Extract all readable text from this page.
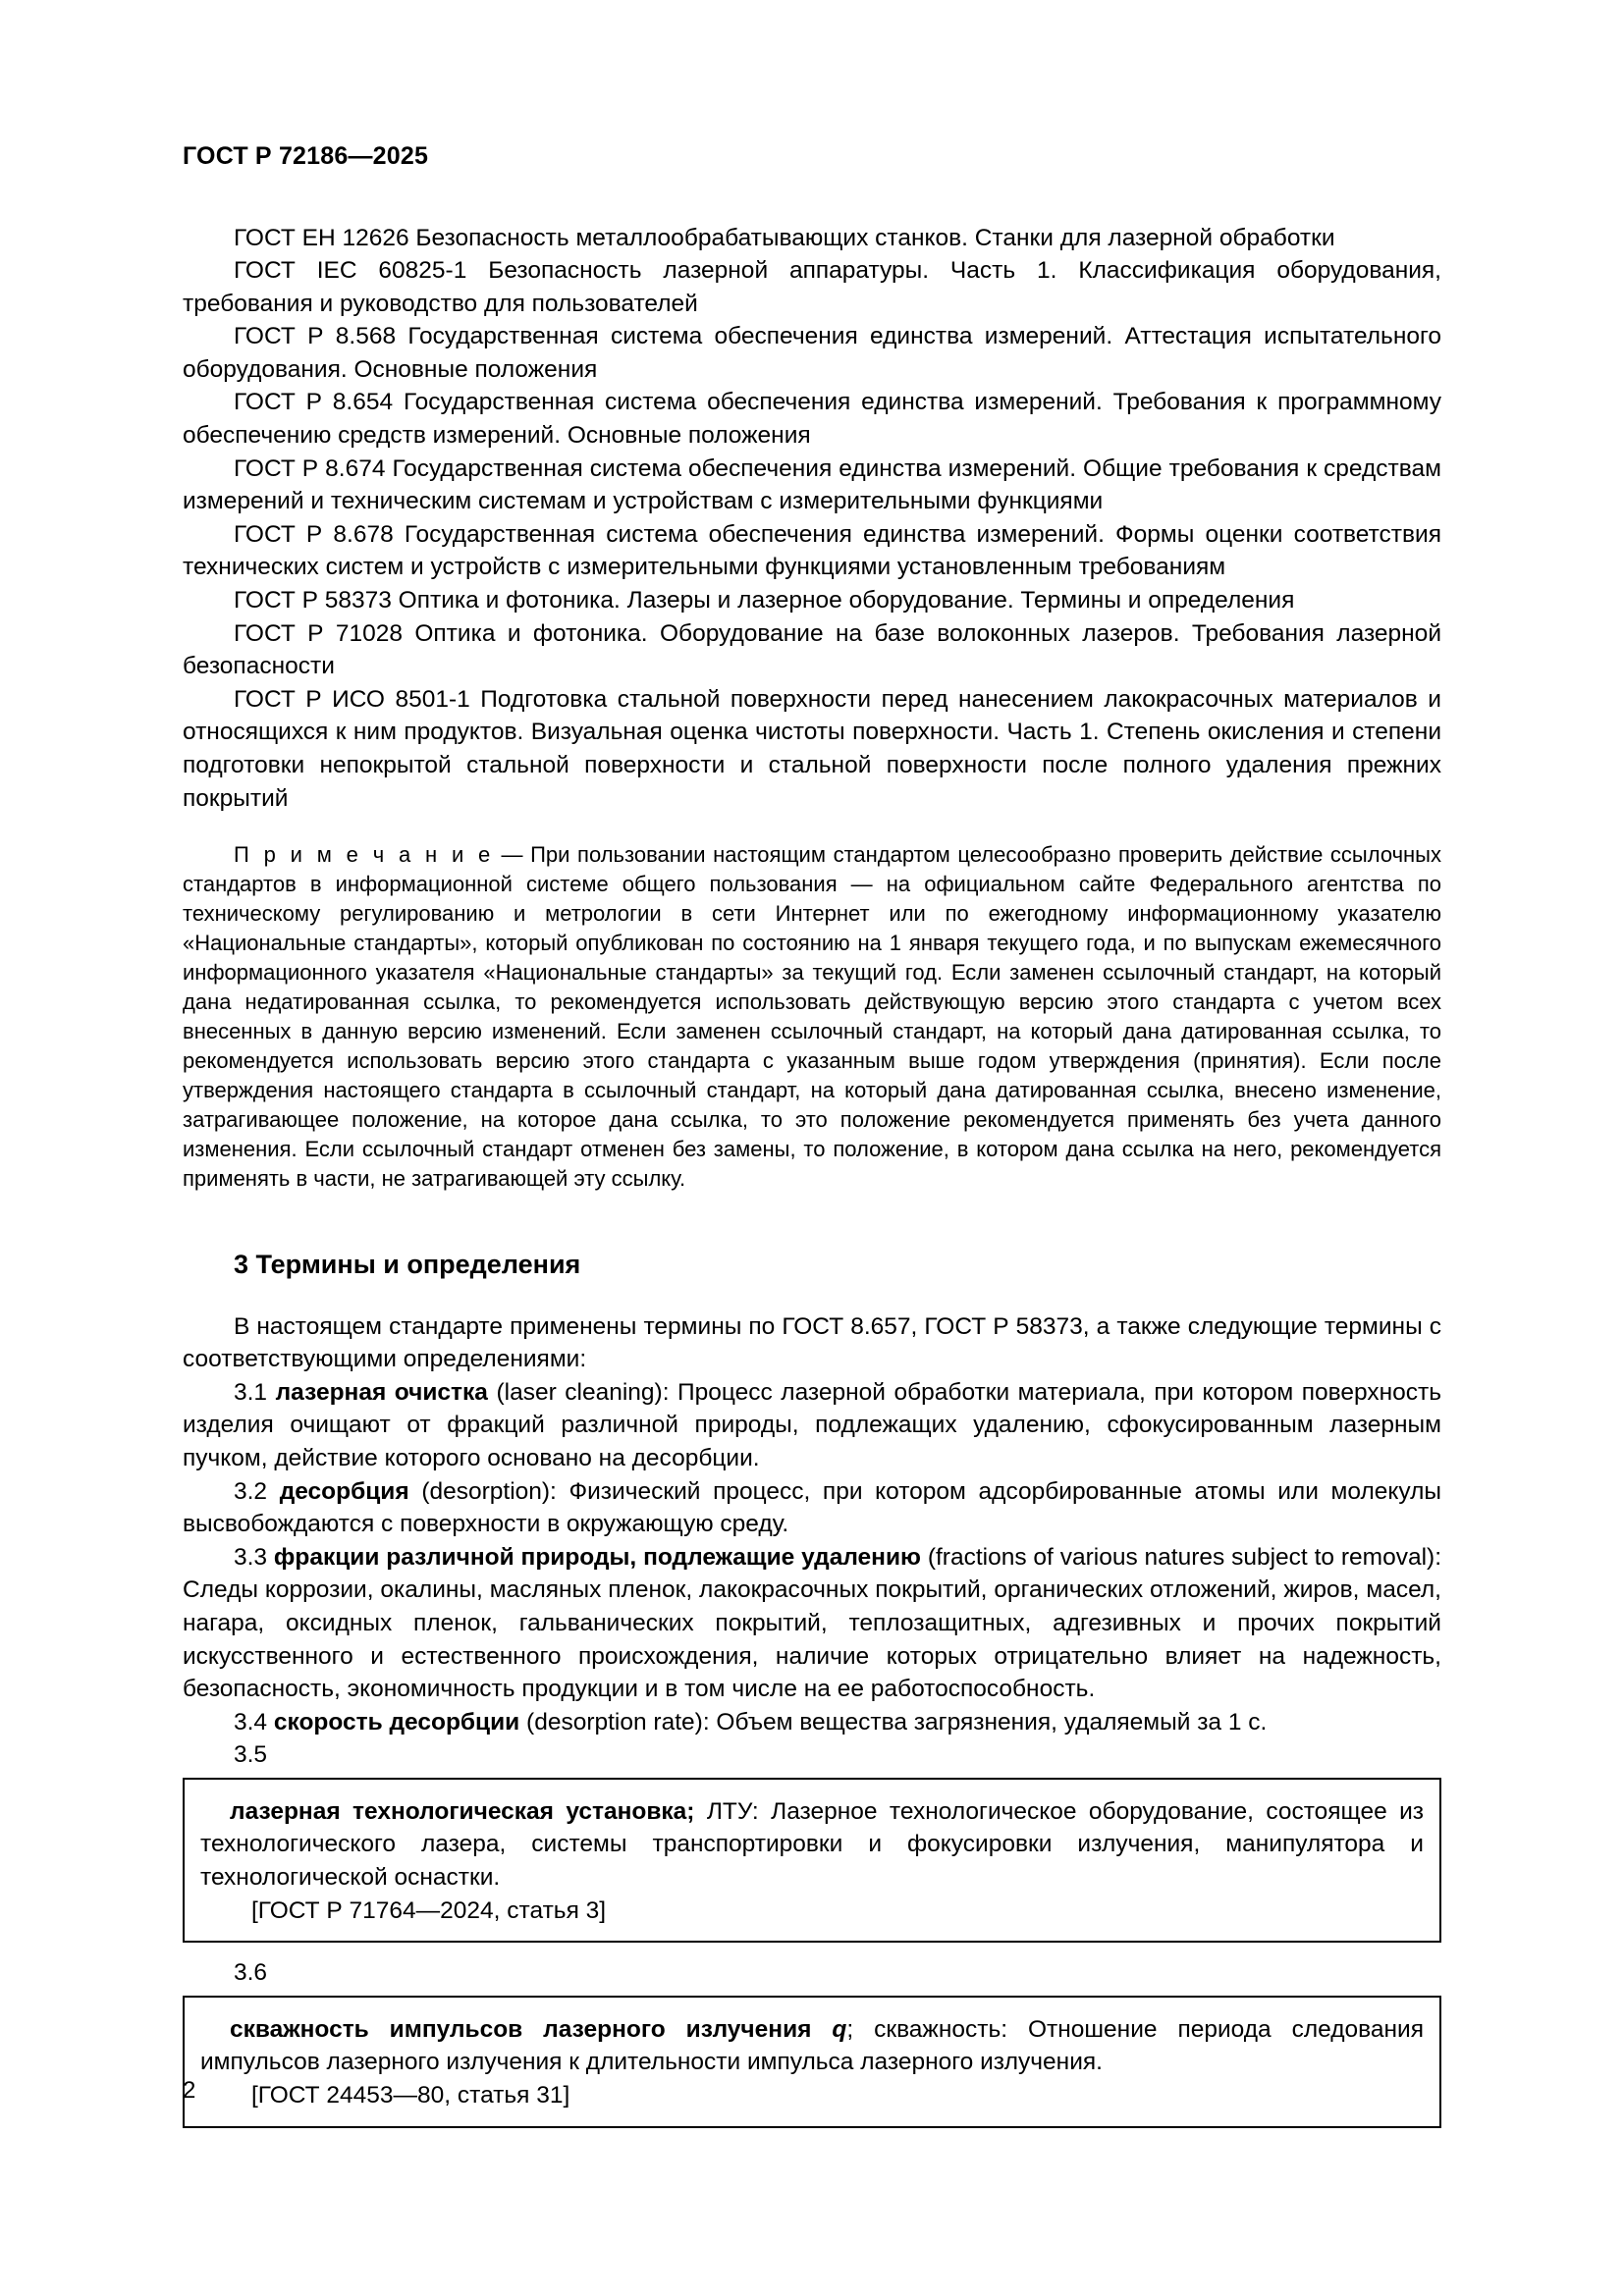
ГОСТ Р 72186—2025

ГОСТ ЕН 12626 Безопасность металлообрабатывающих станков. Станки для лазерной обработки

ГОСТ IEC 60825-1 Безопасность лазерной аппаратуры. Часть 1. Классификация оборудования, требования и руководство для пользователей

ГОСТ Р 8.568 Государственная система обеспечения единства измерений. Аттестация испытательного оборудования. Основные положения

ГОСТ Р 8.654 Государственная система обеспечения единства измерений. Требования к программному обеспечению средств измерений. Основные положения

ГОСТ Р 8.674 Государственная система обеспечения единства измерений. Общие требования к средствам измерений и техническим системам и устройствам с измерительными функциями

ГОСТ Р 8.678 Государственная система обеспечения единства измерений. Формы оценки соответствия технических систем и устройств с измерительными функциями установленным требованиям

ГОСТ Р 58373 Оптика и фотоника. Лазеры и лазерное оборудование. Термины и определения

ГОСТ Р 71028 Оптика и фотоника. Оборудование на базе волоконных лазеров. Требования лазерной безопасности

ГОСТ Р ИСО 8501-1 Подготовка стальной поверхности перед нанесением лакокрасочных материалов и относящихся к ним продуктов. Визуальная оценка чистоты поверхности. Часть 1. Степень окисления и степени подготовки непокрытой стальной поверхности и стальной поверхности после полного удаления прежних покрытий

П р и м е ч а н и е — При пользовании настоящим стандартом целесообразно проверить действие ссылочных стандартов в информационной системе общего пользования — на официальном сайте Федерального агентства по техническому регулированию и метрологии в сети Интернет или по ежегодному информационному указателю «Национальные стандарты», который опубликован по состоянию на 1 января текущего года, и по выпускам ежемесячного информационного указателя «Национальные стандарты» за текущий год. Если заменен ссылочный стандарт, на который дана недатированная ссылка, то рекомендуется использовать действующую версию этого стандарта с учетом всех внесенных в данную версию изменений. Если заменен ссылочный стандарт, на который дана датированная ссылка, то рекомендуется использовать версию этого стандарта с указанным выше годом утверждения (принятия). Если после утверждения настоящего стандарта в ссылочный стандарт, на который дана датированная ссылка, внесено изменение, затрагивающее положение, на которое дана ссылка, то это положение рекомендуется применять без учета данного изменения. Если ссылочный стандарт отменен без замены, то положение, в котором дана ссылка на него, рекомендуется применять в части, не затрагивающей эту ссылку.

3 Термины и определения

В настоящем стандарте применены термины по ГОСТ 8.657, ГОСТ Р 58373, а также следующие термины с соответствующими определениями:

3.1 лазерная очистка (laser cleaning): Процесс лазерной обработки материала, при котором поверхность изделия очищают от фракций различной природы, подлежащих удалению, сфокусированным лазерным пучком, действие которого основано на десорбции.

3.2 десорбция (desorption): Физический процесс, при котором адсорбированные атомы или молекулы высвобождаются с поверхности в окружающую среду.

3.3 фракции различной природы, подлежащие удалению (fractions of various natures subject to removal): Следы коррозии, окалины, масляных пленок, лакокрасочных покрытий, органических отложений, жиров, масел, нагара, оксидных пленок, гальванических покрытий, теплозащитных, адгезивных и прочих покрытий искусственного и естественного происхождения, наличие которых отрицательно влияет на надежность, безопасность, экономичность продукции и в том числе на ее работоспособность.

3.4 скорость десорбции (desorption rate): Объем вещества загрязнения, удаляемый за 1 с.

3.5

лазерная технологическая установка; ЛТУ: Лазерное технологическое оборудование, состоящее из технологического лазера, системы транспортировки и фокусировки излучения, манипулятора и технологической оснастки.

[ГОСТ Р 71764—2024, статья 3]

3.6

скважность импульсов лазерного излучения q; скважность: Отношение периода следования импульсов лазерного излучения к длительности импульса лазерного излучения.

[ГОСТ 24453—80, статья 31]

2
